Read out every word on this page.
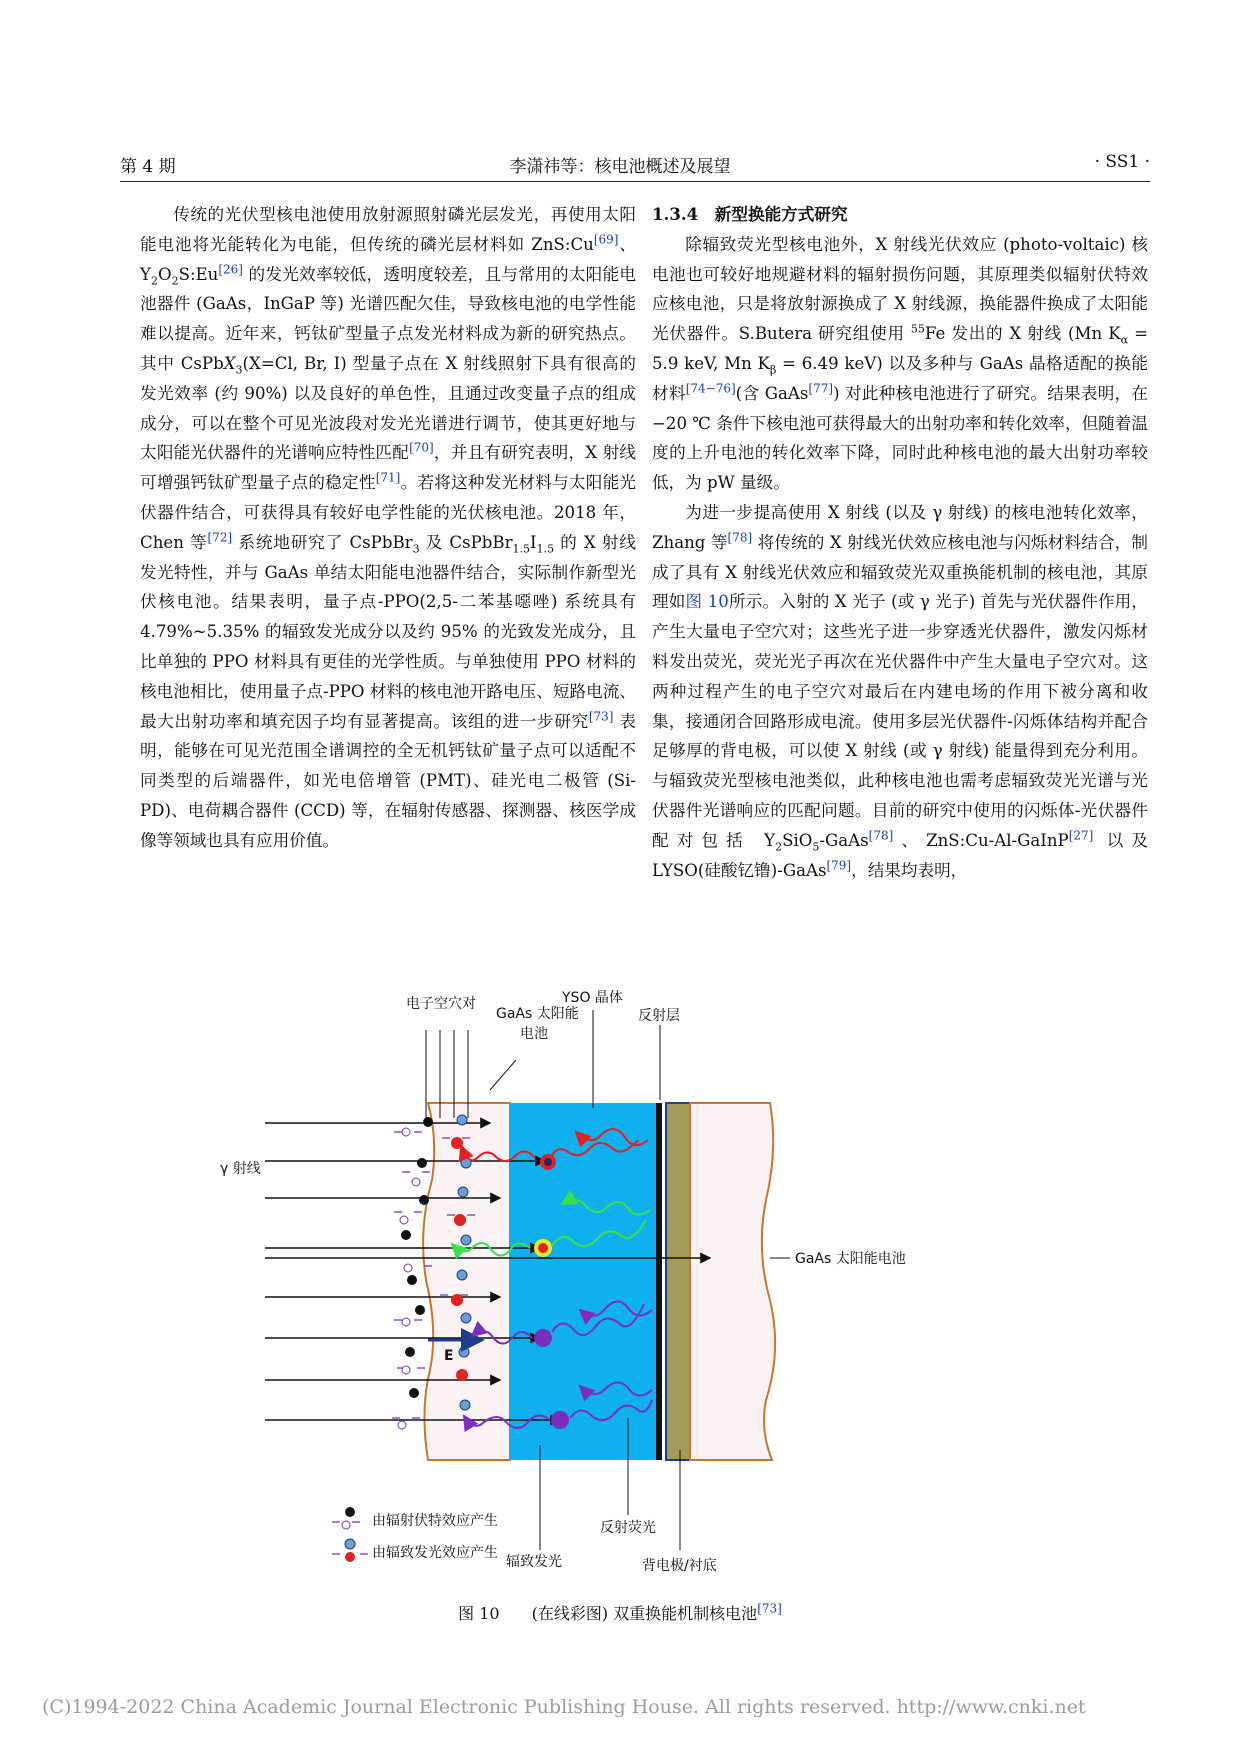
第 4 期	李潇祎等：核电池概述及展望	· SS1 ·

传统的光伏型核电池使用放射源照射磷光层发光，再使用太阳能电池将光能转化为电能，但传统的磷光层材料如 ZnS:Cu[69]、$Y_2O_2S:Eu[26]$ 的发光效率较低，透明度较差，且与常用的太阳能电池器件 (GaAs，InGaP 等) 光谱匹配欠佳，导致核电池的电学性能难以提高。近年来，钙钛矿型量子点发光材料成为新的研究热点。其中 CsPbX$_3$(X=Cl, Br, I) 型量子点在 X 射线照射下具有很高的发光效率 (约 90%) 以及良好的单色性，且通过改变量子点的组成成分，可以在整个可见光波段对发光光谱进行调节，使其更好地与太阳能光伏器件的光谱响应特性匹配[70]，并且有研究表明，X 射线可增强钙钛矿型量子点的稳定性[71]。若将这种发光材料与太阳能光伏器件结合，可获得具有较好电学性能的光伏核电池。2018 年，Chen 等[72] 系统地研究了 CsPbBr$_3$ 及 $CsPbBr_{1.5}I_{1.5}$ 的 X 射线发光特性，并与 GaAs 单结太阳能电池器件结合，实际制作新型光伏核电池。结果表明，量子点-PPO(2,5-二苯基噁唑) 系统具有 4.79%~5.35% 的辐致发光成分以及约 95% 的光致发光成分，且比单独的 PPO 材料具有更佳的光学性质。与单独使用 PPO 材料的核电池相比，使用量子点-PPO 材料的核电池开路电压、短路电流、最大出射功率和填充因子均有显著提高。该组的进一步研究[73] 表明，能够在可见光范围全谱调控的全无机钙钛矿量子点可以适配不同类型的后端器件，如光电倍增管 (PMT)、硅光电二极管 (Si-PD)、电荷耦合器件 (CCD) 等，在辐射传感器、探测器、核医学成像等领域也具有应用价值。

1.3.4　新型换能方式研究

除辐致荧光型核电池外，X 射线光伏效应 (photo-voltaic) 核电池也可较好地规避材料的辐射损伤问题，其原理类似辐射伏特效应核电池，只是将放射源换成了 X 射线源，换能器件换成了太阳能光伏器件。S.Butera 研究组使用 $^{55}$Fe 发出的 X 射线 (Mn $K_\alpha = 5.9$ keV, Mn $K_\beta = 6.49$ keV) 以及多种与 GaAs 晶格适配的换能材料[74−76](含 GaAs[77]) 对此种核电池进行了研究。结果表明，在 −20 ℃ 条件下核电池可获得最大的出射功率和转化效率，但随着温度的上升电池的转化效率下降，同时此种核电池的最大出射功率较低，为 pW 量级。

为进一步提高使用 X 射线 (以及 γ 射线) 的核电池转化效率，Zhang 等[78] 将传统的 X 射线光伏效应核电池与闪烁材料结合，制成了具有 X 射线光伏效应和辐致荧光双重换能机制的核电池，其原理如图 10所示。入射的 X 光子 (或 γ 光子) 首先与光伏器件作用，产生大量电子空穴对；这些光子进一步穿透光伏器件，激发闪烁材料发出荧光，荧光光子再次在光伏器件中产生大量电子空穴对。这两种过程产生的电子空穴对最后在内建电场的作用下被分离和收集，接通闭合回路形成电流。使用多层光伏器件-闪烁体结构并配合足够厚的背电极，可以使 X 射线 (或 γ 射线) 能量得到充分利用。与辐致荧光型核电池类似，此种核电池也需考虑辐致荧光光谱与光伏器件光谱响应的匹配问题。目前的研究中使用的闪烁体-光伏器件配对包括 $Y_2SiO_5-GaAs[78]$、ZnS:Cu-Al-GaInP[27] 以及 LYSO(硅酸钇镥)-GaAs[79]，结果均表明，

E
电子空穴对
GaAs 太阳能
电池
YSO 晶体
反射层
γ 射线
GaAs 太阳能电池
反射荧光
辐致发光	背电极/衬底
由辐射伏特效应产生
由辐致发光效应产生
图 10   (在线彩图) 双重换能机制核电池[73]
(C)1994-2022 China Academic Journal Electronic Publishing House. All rights reserved. http://www.cnki.net
